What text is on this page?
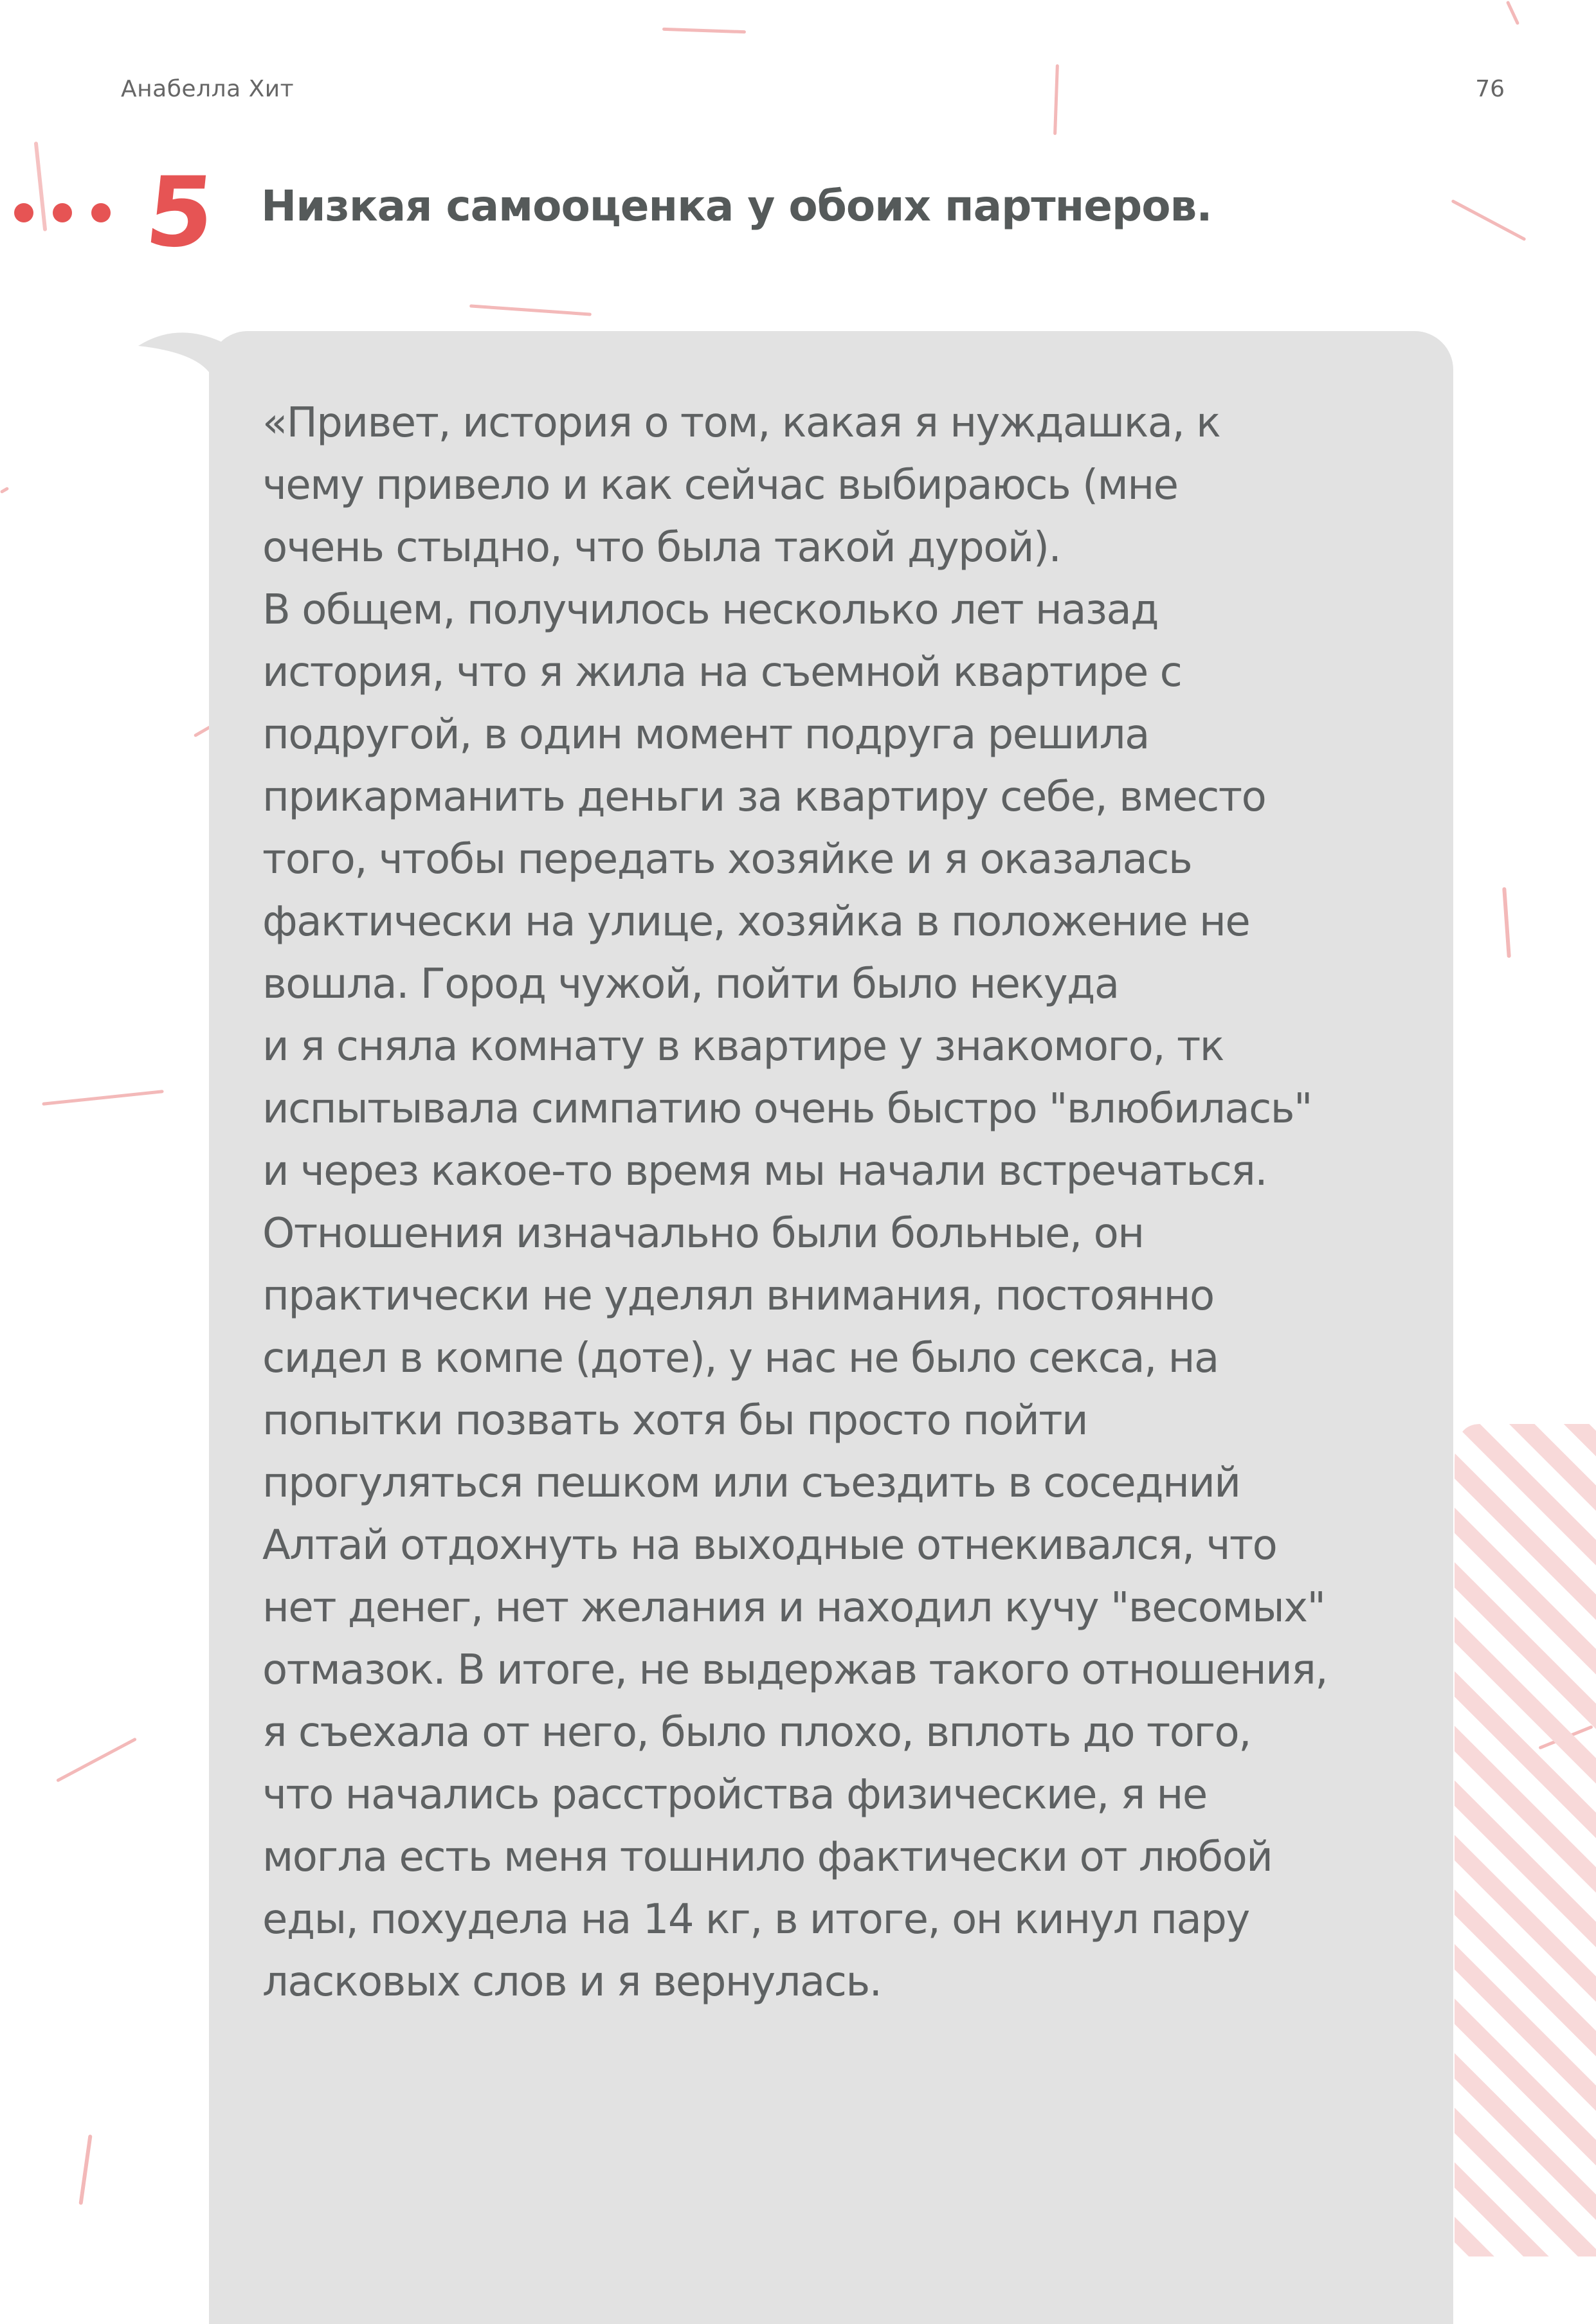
Анабелла Хит	76
5 Низкая самооценка у обоих партнеров.
«Привет, история о том, какая я нуждашка, к
чему привело и как сейчас выбираюсь (мне
очень стыдно, что была такой дурой).
В общем, получилось несколько лет назад
история, что я жила на съемной квартире с
подругой, в один момент подруга решила
прикарманить деньги за квартиру себе, вместо
того, чтобы передать хозяйке и я оказалась
фактически на улице, хозяйка в положение не
вошла. Город чужой, пойти было некуда
и я сняла комнату в квартире у знакомого, тк
испытывала симпатию очень быстро "влюбилась"
и через какое-то время мы начали встречаться.
Отношения изначально были больные, он
практически не уделял внимания, постоянно
сидел в компе (доте), у нас не было секса, на
попытки позвать хотя бы просто пойти
прогуляться пешком или съездить в соседний
Алтай отдохнуть на выходные отнекивался, что
нет денег, нет желания и находил кучу "весомых"
отмазок. В итоге, не выдержав такого отношения,
я съехала от него, было плохо, вплоть до того,
что начались расстройства физические, я не
могла есть меня тошнило фактически от любой
еды, похудела на 14 кг, в итоге, он кинул пару
ласковых слов и я вернулась.
